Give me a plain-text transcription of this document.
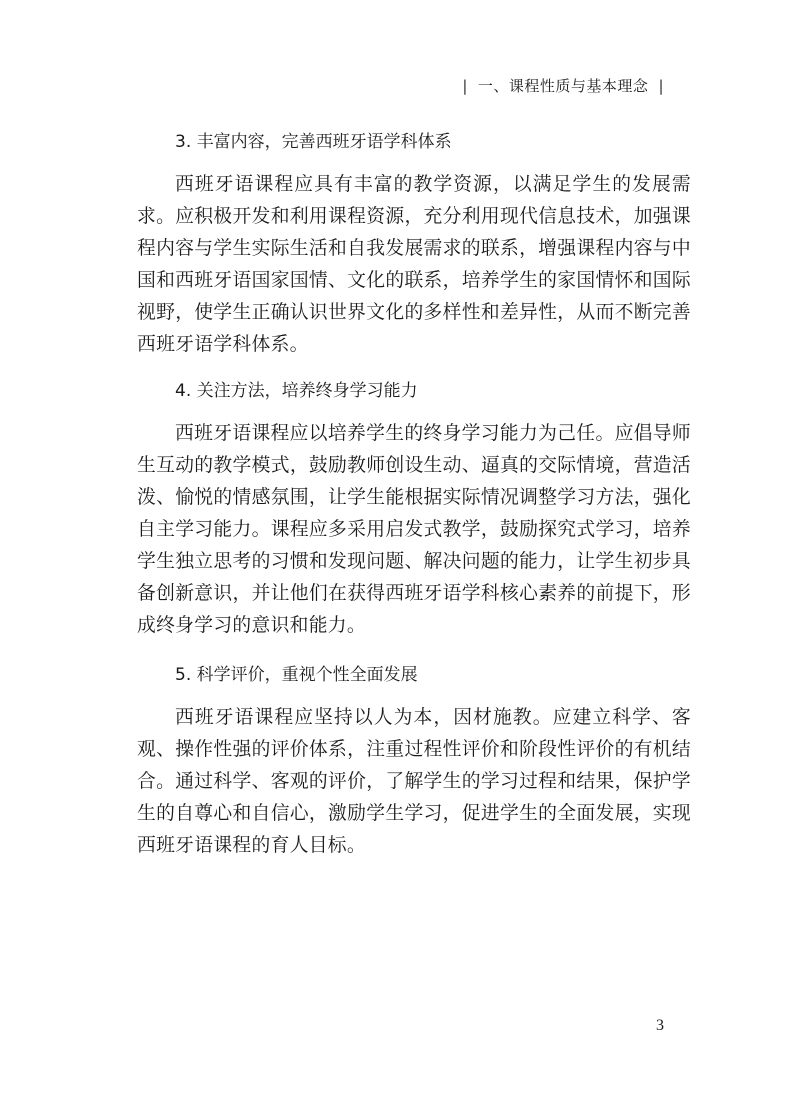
| 一、课程性质与基本理念 |
3. 丰富内容，完善西班牙语学科体系
西班牙语课程应具有丰富的教学资源，以满足学生的发展需求。应积极开发和利用课程资源，充分利用现代信息技术，加强课程内容与学生实际生活和自我发展需求的联系，增强课程内容与中国和西班牙语国家国情、文化的联系，培养学生的家国情怀和国际视野，使学生正确认识世界文化的多样性和差异性，从而不断完善西班牙语学科体系。
4. 关注方法，培养终身学习能力
西班牙语课程应以培养学生的终身学习能力为己任。应倡导师生互动的教学模式，鼓励教师创设生动、逼真的交际情境，营造活泼、愉悦的情感氛围，让学生能根据实际情况调整学习方法，强化自主学习能力。课程应多采用启发式教学，鼓励探究式学习，培养学生独立思考的习惯和发现问题、解决问题的能力，让学生初步具备创新意识，并让他们在获得西班牙语学科核心素养的前提下，形成终身学习的意识和能力。
5. 科学评价，重视个性全面发展
西班牙语课程应坚持以人为本，因材施教。应建立科学、客观、操作性强的评价体系，注重过程性评价和阶段性评价的有机结合。通过科学、客观的评价，了解学生的学习过程和结果，保护学生的自尊心和自信心，激励学生学习，促进学生的全面发展，实现西班牙语课程的育人目标。
3
